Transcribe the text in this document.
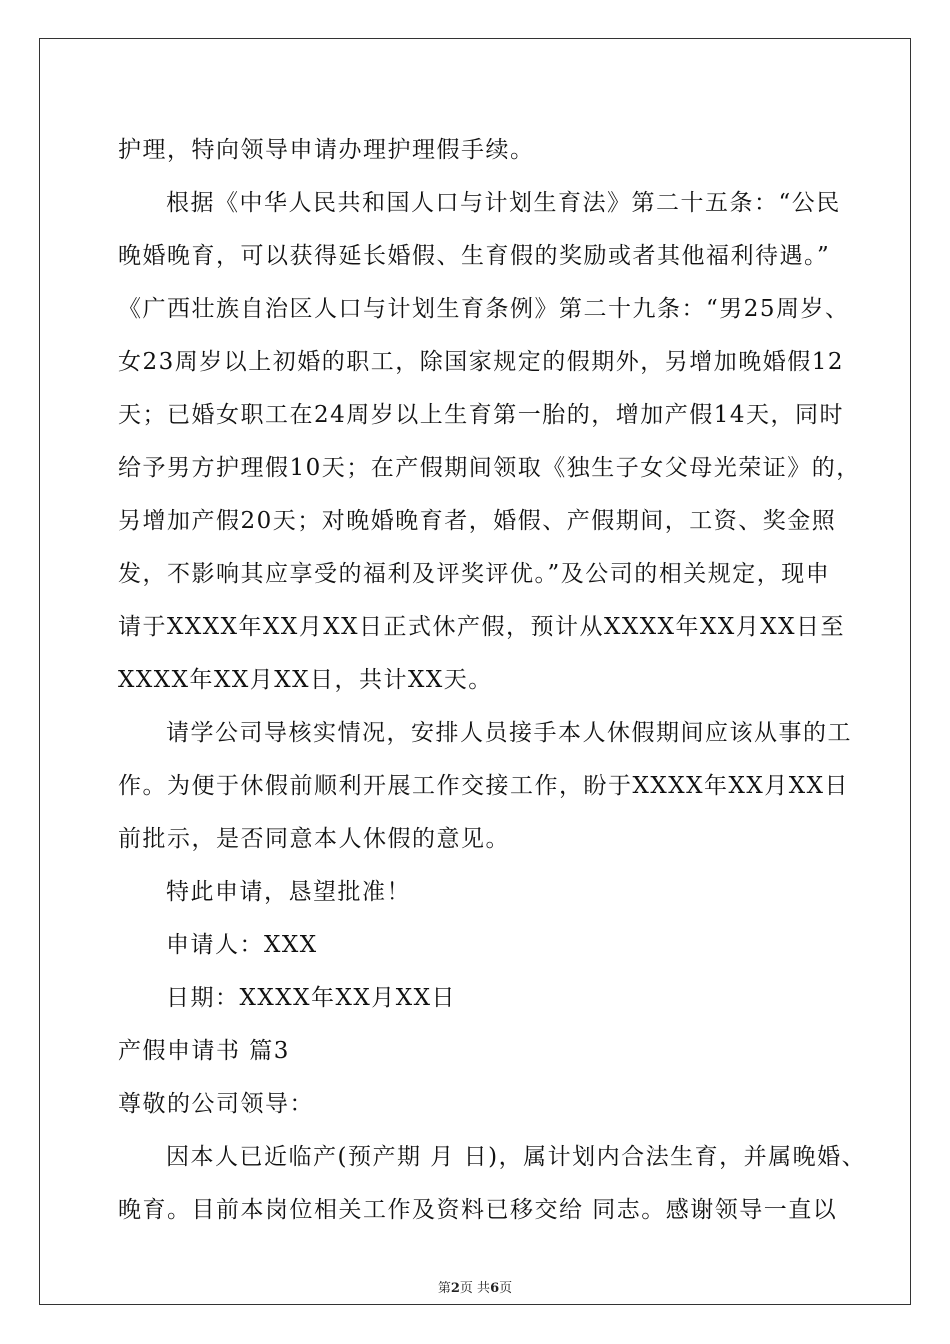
护理，特向领导申请办理护理假手续。
根据《中华人民共和国人口与计划生育法》第二十五条：“公民
晚婚晚育，可以获得延长婚假、生育假的奖励或者其他福利待遇。”
《广西壮族自治区人口与计划生育条例》第二十九条：“男25周岁、
女23周岁以上初婚的职工，除国家规定的假期外，另增加晚婚假12
天；已婚女职工在24周岁以上生育第一胎的，增加产假14天，同时
给予男方护理假10天；在产假期间领取《独生子女父母光荣证》的，
另增加产假20天；对晚婚晚育者，婚假、产假期间，工资、奖金照
发，不影响其应享受的福利及评奖评优。”及公司的相关规定，现申
请于XXXX年XX月XX日正式休产假，预计从XXXX年XX月XX日至
XXXX年XX月XX日，共计XX天。
请学公司导核实情况，安排人员接手本人休假期间应该从事的工
作。为便于休假前顺利开展工作交接工作，盼于XXXX年XX月XX日
前批示，是否同意本人休假的意见。
特此申请，恳望批准！
申请人：XXX
日期：XXXX年XX月XX日
产假申请书 篇3
尊敬的公司领导：
因本人已近临产(预产期 月 日)，属计划内合法生育，并属晚婚、
晚育。目前本岗位相关工作及资料已移交给 同志。感谢领导一直以
第2页 共6页
